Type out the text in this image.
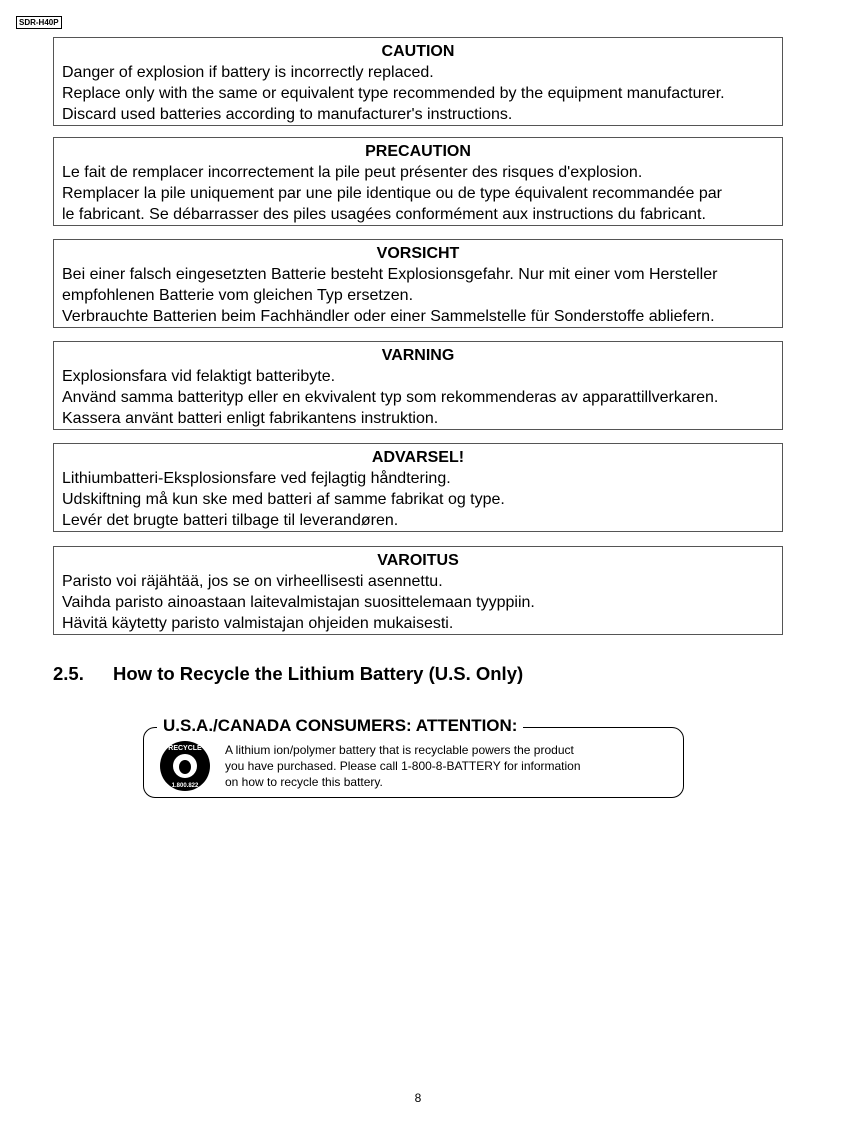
SDR-H40P
CAUTION

Danger of explosion if battery is incorrectly replaced.

Replace only with the same or equivalent type recommended by the equipment manufacturer.

Discard used batteries according to manufacturer's instructions.

PRECAUTION

Le fait de remplacer incorrectement la pile peut présenter des risques d'explosion.

Remplacer la pile uniquement par une pile identique ou de type équivalent recommandée par

le fabricant. Se débarrasser des piles usagées conformément aux instructions du fabricant.

VORSICHT

Bei einer falsch eingesetzten Batterie besteht Explosionsgefahr. Nur mit einer vom Hersteller

empfohlenen Batterie vom gleichen Typ ersetzen.

Verbrauchte Batterien beim Fachhändler oder einer Sammelstelle für Sonderstoffe abliefern.

VARNING

Explosionsfara vid felaktigt batteribyte.

Använd samma batterityp eller en ekvivalent typ som rekommenderas av apparattillverkaren.

Kassera använt batteri enligt fabrikantens instruktion.

ADVARSEL!

Lithiumbatteri-Eksplosionsfare ved fejlagtig håndtering.

Udskiftning må kun ske med batteri af samme fabrikat og type.

Levér det brugte batteri tilbage til leverandøren.

VAROITUS

Paristo voi räjähtää, jos se on virheellisesti asennettu.

Vaihda paristo ainoastaan laitevalmistajan suosittelemaan tyyppiin.

Hävitä käytetty paristo valmistajan ohjeiden mukaisesti.

2.5. How to Recycle the Lithium Battery (U.S. Only)
U.S.A./CANADA CONSUMERS: ATTENTION:
RECYCLE
1.800.822
A lithium ion/polymer battery that is recyclable powers the product
you have purchased. Please call 1-800-8-BATTERY for information
on how to recycle this battery.
8
